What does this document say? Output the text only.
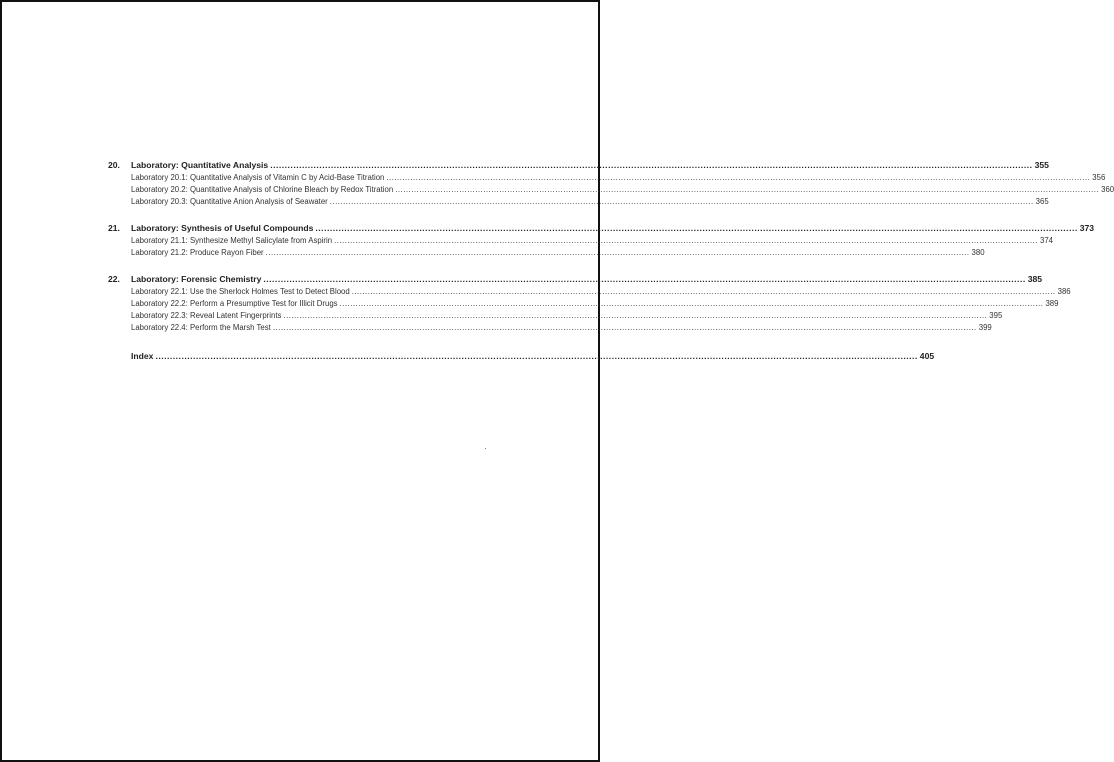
20.	Laboratory: Quantitative Analysis .....	355
Laboratory 20.1: Quantitative Analysis of Vitamin C by Acid-Base Titration .....	356
Laboratory 20.2: Quantitative Analysis of Chlorine Bleach by Redox Titration .....	360
Laboratory 20.3: Quantitative Anion Analysis of Seawater .....	365
21.	Laboratory: Synthesis of Useful Compounds .....	373
Laboratory 21.1: Synthesize Methyl Salicylate from Aspirin .....	374
Laboratory 21.2: Produce Rayon Fiber .....	380
22.	Laboratory: Forensic Chemistry .....	385
Laboratory 22.1: Use the Sherlock Holmes Test to Detect Blood .....	386
Laboratory 22.2: Perform a Presumptive Test for Illicit Drugs .....	389
Laboratory 22.3: Reveal Latent Fingerprints .....	395
Laboratory 22.4: Perform the Marsh Test .....	399
Index .....	405
